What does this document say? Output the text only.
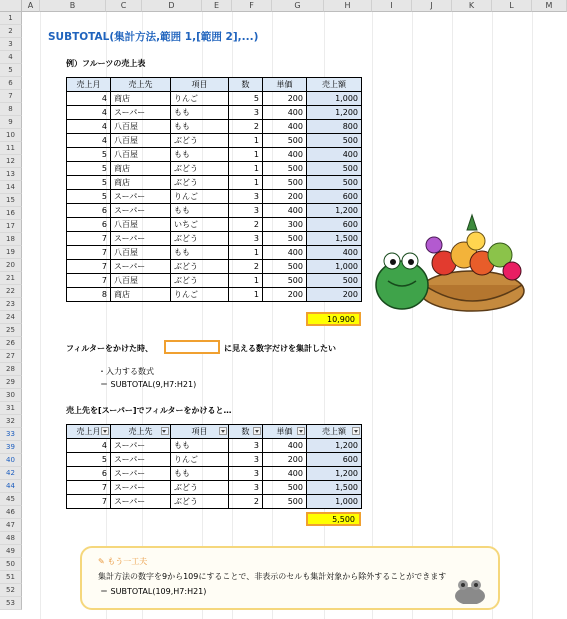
A	B	C	D	E	F	G	H	I	J	K	L	M
1
2
3
4
5
6
7
8
9
10
11
12
13
14
15
16
17
18
19
20
21
22
23
24
25
26
27
28
29
30
31
32
33
39
40
42
44
45
46
47
48
49
50
51
52
53
SUBTOTAL(集計方法,範囲 1,[範囲 2],...)
例）フルーツの売上表
売上月	売上先	項目	数	単価	売上額
4	商店	りんご	5	200	1,000
4	スーパー	もも	3	400	1,200
4	八百屋	もも	2	400	800
4	八百屋	ぶどう	1	500	500
5	八百屋	もも	1	400	400
5	商店	ぶどう	1	500	500
5	商店	ぶどう	1	500	500
5	スーパー	りんご	3	200	600
6	スーパー	もも	3	400	1,200
6	八百屋	いちご	2	300	600
7	スーパー	ぶどう	3	500	1,500
7	八百屋	もも	1	400	400
7	スーパー	ぶどう	2	500	1,000
7	八百屋	ぶどう	1	500	500
8	商店	りんご	1	200	200
10,900
フィルターをかけた時、	に見える数字だけを集計したい
・入力する数式
＝ SUBTOTAL(9,H7:H21)
売上先を[スーパー]でフィルターをかけると…
売上月	売上先	項目	数	単価	売上額

4	スーパー	もも	3	400	1,200
5	スーパー	りんご	3	200	600
6	スーパー	もも	3	400	1,200
7	スーパー	ぶどう	3	500	1,500
7	スーパー	ぶどう	2	500	1,000
5,500
✎ もう一工夫
集計方法の数字を9から109にすることで、非表示のセルも集計対象から除外することができます
＝ SUBTOTAL(109,H7:H21)
